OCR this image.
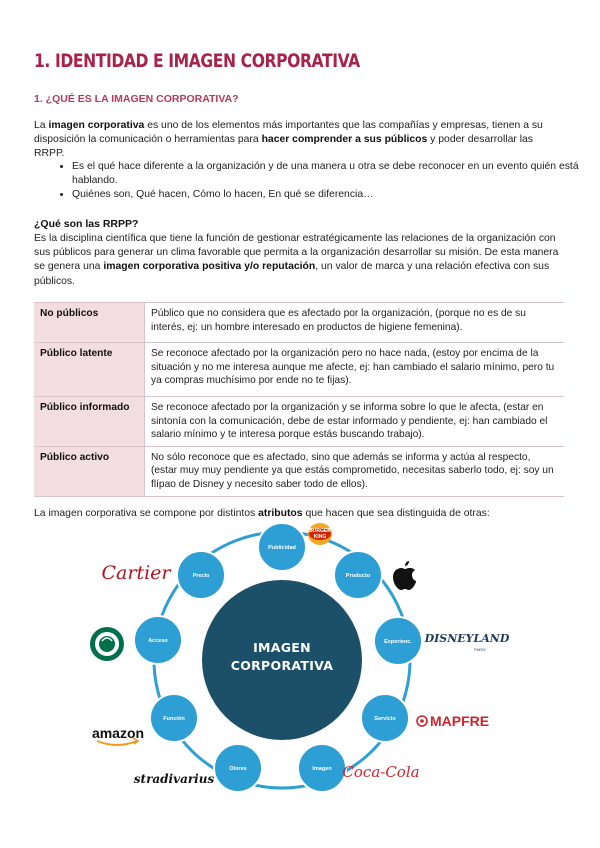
1. IDENTIDAD E IMAGEN CORPORATIVA
1. ¿QUÉ ES LA IMAGEN CORPORATIVA?
La imagen corporativa es uno de los elementos más importantes que las compañías y empresas, tienen a su disposición la comunicación o herramientas para hacer comprender a sus públicos y poder desarrollar las RRPP.
• Es el qué hace diferente a la organización y de una manera u otra se debe reconocer en un evento quién está hablando.
• Quiénes son, Qué hacen, Cómo lo hacen, En qué se diferencia…
¿Qué son las RRPP?
Es la disciplina científica que tiene la función de gestionar estratégicamente las relaciones de la organización con sus públicos para generar un clima favorable que permita a la organización desarrollar su misión. De esta manera se genera una imagen corporativa positiva y/o reputación, un valor de marca y una relación efectiva con sus públicos.
No públicos	Público que no considera que es afectado por la organización, (porque no es de su interés, ej: un hombre interesado en productos de higiene femenina).
Público latente	Se reconoce afectado por la organización pero no hace nada, (estoy por encima de la situación y no me interesa aunque me afecte, ej: han cambiado el salario mínimo, pero tu ya compras muchísimo por ende no te fijas).
Público informado	Se reconoce afectado por la organización y se informa sobre lo que le afecta, (estar en sintonía con la comunicación, debe de estar informado y pendiente, ej: han cambiado el salario mínimo y te interesa porque estás buscando trabajo).
Público activo	No sólo reconoce que es afectado, sino que además se informa y actúa al respecto, (estar muy muy pendiente ya que estás comprometido, necesitas saberlo todo, ej: soy un flípao de Disney y necesito saber todo de ellos).
La imagen corporativa se compone por distintos atributos que hacen que sea distinguida de otras:
IMAGEN
CORPORATIVA
Publicidad
Producto
Experienc.
Servicio
Imagen
Olores
Función
Acceso
Precio
BURGER
KING
DISNEYLAND
PARIS
MAPFRE
Coca-Cola
stradivarius
amazon
Cartier
